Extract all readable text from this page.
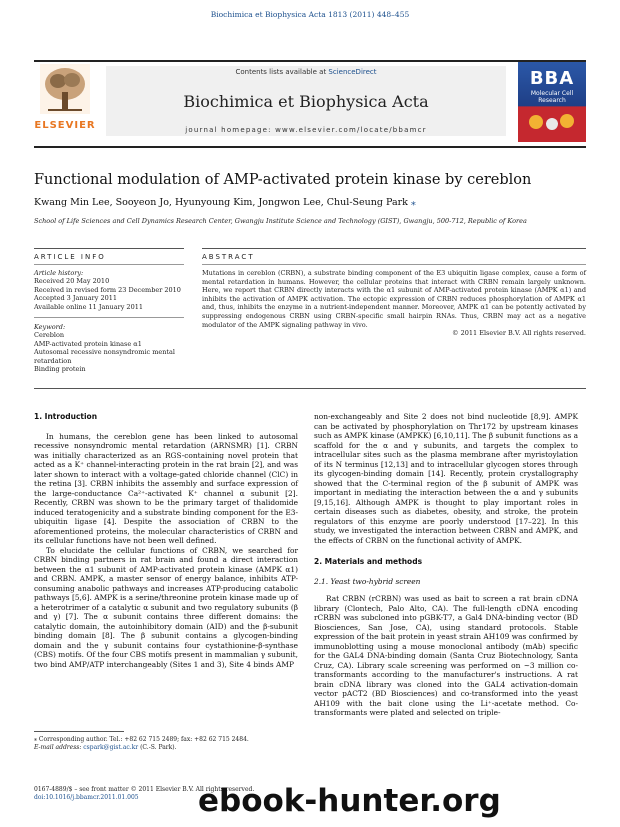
Biochimica et Biophysica Acta 1813 (2011) 448–455
ELSEVIER
Contents lists available at ScienceDirect
Biochimica et Biophysica Acta
journal homepage: www.elsevier.com/locate/bbamcr
BBA
Molecular Cell Research
Functional modulation of AMP-activated protein kinase by cereblon
Kwang Min Lee, Sooyeon Jo, Hyunyoung Kim, Jongwon Lee, Chul-Seung Park ⁎
School of Life Sciences and Cell Dynamics Research Center, Gwangju Institute Science and Technology (GIST), Gwangju, 500-712, Republic of Korea
ARTICLE INFO	ABSTRACT
Article history:
Received 20 May 2010
Received in revised form 23 December 2010
Accepted 3 January 2011
Available online 11 January 2011
Keyword:
Cereblon
AMP-activated protein kinase α1
Autosomal recessive nonsyndromic mental retardation
Binding protein
Mutations in cereblon (CRBN), a substrate binding component of the E3 ubiquitin ligase complex, cause a form of mental retardation in humans. However, the cellular proteins that interact with CRBN remain largely unknown. Here, we report that CRBN directly interacts with the α1 subunit of AMP-activated protein kinase (AMPK α1) and inhibits the activation of AMPK activation. The ectopic expression of CRBN reduces phosphorylation of AMPK α1 and, thus, inhibits the enzyme in a nutrient-independent manner. Moreover, AMPK α1 can be potently activated by suppressing endogenous CRBN using CRBN-specific small hairpin RNAs. Thus, CRBN may act as a negative modulator of the AMPK signaling pathway in vivo.
© 2011 Elsevier B.V. All rights reserved.
1. Introduction

In humans, the cereblon gene has been linked to autosomal recessive nonsyndromic mental retardation (ARNSMR) [1]. CRBN was initially characterized as an RGS-containing novel protein that acted as a K⁺ channel-interacting protein in the rat brain [2], and was later shown to interact with a voltage-gated chloride channel (ClC) in the retina [3]. CRBN inhibits the assembly and surface expression of the large-conductance Ca²⁺-activated K⁺ channel α subunit [2]. Recently, CRBN was shown to be the primary target of thalidomide induced teratogenicity and a substrate binding component for the E3-ubiquitin ligase [4]. Despite the association of CRBN to the aforementioned proteins, the molecular characteristics of CRBN and its cellular functions have not been well defined.

To elucidate the cellular functions of CRBN, we searched for CRBN binding partners in rat brain and found a direct interaction between the α1 subunit of AMP-activated protein kinase (AMPK α1) and CRBN. AMPK, a master sensor of energy balance, inhibits ATP-consuming anabolic pathways and increases ATP-producing catabolic pathways [5,6]. AMPK is a serine/threonine protein kinase made up of a heterotrimer of a catalytic α subunit and two regulatory subunits (β and γ) [7]. The α subunit contains three different domains: the catalytic domain, the autoinhibitory domain (AID) and the β-subunit binding domain [8]. The β subunit contains a glycogen-binding domain and the γ subunit contains four cystathionine-β-synthase (CBS) motifs. Of the four CBS motifs present in mammalian γ subunit, two bind AMP/ATP interchangeably (Sites 1 and 3), Site 4 binds AMP

non-exchangeably and Site 2 does not bind nucleotide [8,9]. AMPK can be activated by phosphorylation on Thr172 by upstream kinases such as AMPK kinase (AMPKK) [6,10,11]. The β subunit functions as a scaffold for the α and γ subunits, and targets the complex to intracellular sites such as the plasma membrane after myristoylation of its N terminus [12,13] and to intracellular glycogen stores through its glycogen-binding domain [14]. Recently, protein crystallography showed that the C-terminal region of the β subunit of AMPK was important in mediating the interaction between the α and γ subunits [9,15,16]. Although AMPK is thought to play important roles in certain diseases such as diabetes, obesity, and stroke, the protein regulators of this enzyme are poorly understood [17–22]. In this study, we investigated the interaction between CRBN and AMPK, and the effects of CRBN on the functional activity of AMPK.

2. Materials and methods
2.1. Yeast two-hybrid screen

Rat CRBN (rCRBN) was used as bait to screen a rat brain cDNA library (Clontech, Palo Alto, CA). The full-length cDNA encoding rCRBN was subcloned into pGBK-T7, a Gal4 DNA-binding vector (BD Biosciences, San Jose, CA), using standard protocols. Stable expression of the bait protein in yeast strain AH109 was confirmed by immunoblotting using a mouse monoclonal antibody (mAb) specific for the GAL4 DNA-binding domain (Santa Cruz Biotechnology, Santa Cruz, CA). Library scale screening was performed on ~3 million co-transformants according to the manufacturer's instructions. A rat brain cDNA library was cloned into the GAL4 activation-domain vector pACT2 (BD Biosciences) and co-transformed into the yeast AH109 with the bait clone using the Li⁺-acetate method. Co-transformants were plated and selected on triple-

⁎ Corresponding author. Tel.: +82 62 715 2489; fax: +82 62 715 2484.
E-mail address: cspark@gist.ac.kr (C.-S. Park).
0167-4889/$ – see front matter © 2011 Elsevier B.V. All rights reserved.
doi:10.1016/j.bbamcr.2011.01.005	ebook-hunter.org
